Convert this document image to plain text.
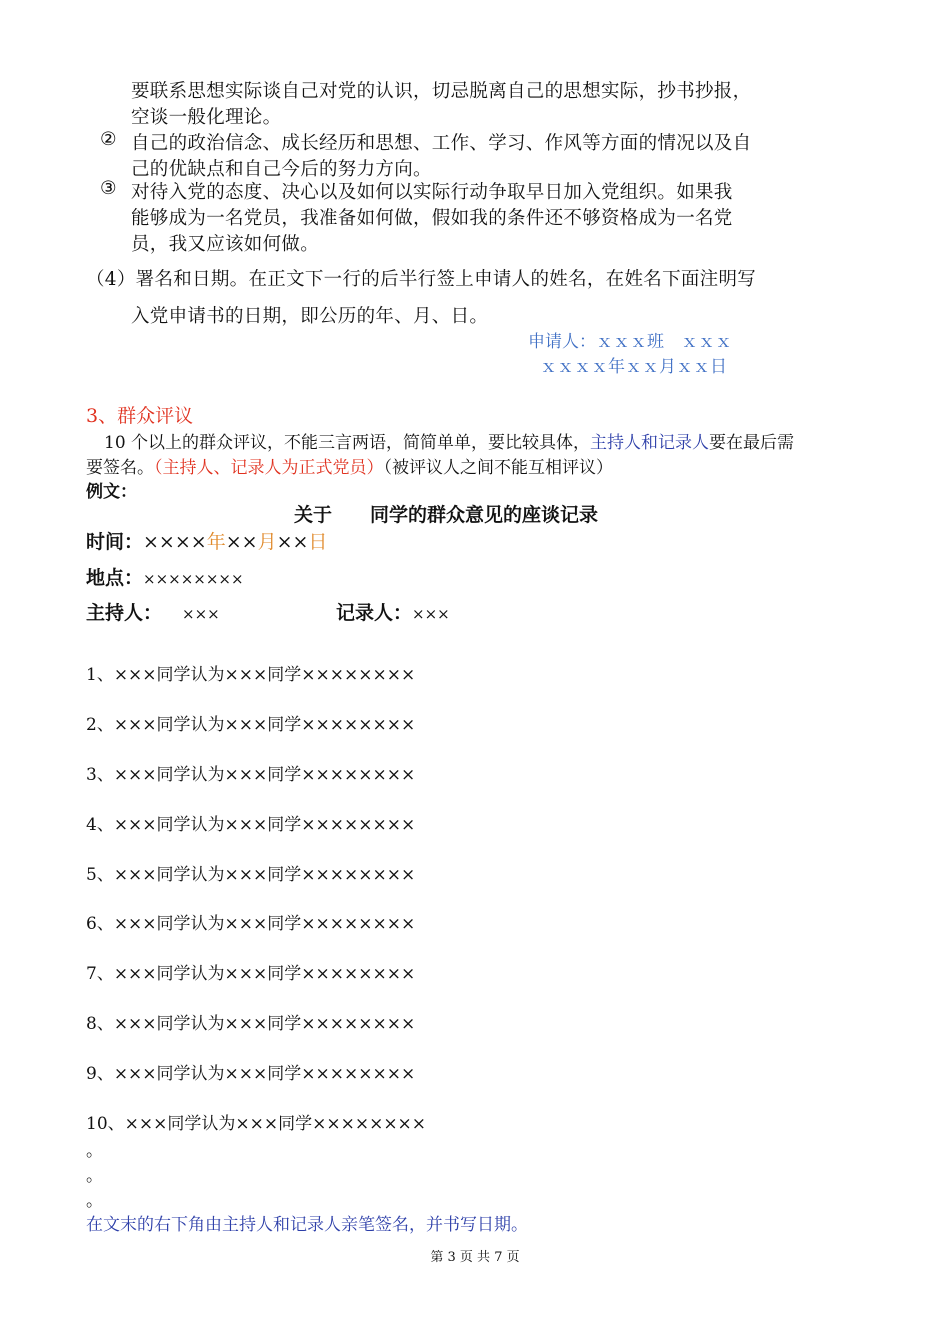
要联系思想实际谈自己对党的认识，切忌脱离自己的思想实际，抄书抄报，
空谈一般化理论。
② 自己的政治信念、成长经历和思想、工作、学习、作风等方面的情况以及自
己的优缺点和自己今后的努力方向。
③ 对待入党的态度、决心以及如何以实际行动争取早日加入党组织。如果我
能够成为一名党员，我准备如何做，假如我的条件还不够资格成为一名党
员，我又应该如何做。
（4）署名和日期。在正文下一行的后半行签上申请人的姓名，在姓名下面注明写
入党申请书的日期，即公历的年、月、日。
申请人：ｘｘｘ班　ｘｘｘ
ｘｘｘｘ年ｘｘ月ｘｘ日
3、群众评议
10 个以上的群众评议，不能三言两语，简简单单，要比较具体，主持人和记录人要在最后需
要签名。（主持人、记录人为正式党员）（被评议人之间不能互相评议）
例文：
关于　　同学的群众意见的座谈记录
时间：××××年××月××日
地点：××××××××
主持人： ×××	记录人：×××
1、×××同学认为×××同学××××××××
2、×××同学认为×××同学××××××××
3、×××同学认为×××同学××××××××
4、×××同学认为×××同学××××××××
5、×××同学认为×××同学××××××××
6、×××同学认为×××同学××××××××
7、×××同学认为×××同学××××××××
8、×××同学认为×××同学××××××××
9、×××同学认为×××同学××××××××
10、×××同学认为×××同学××××××××
。
。
。
在文末的右下角由主持人和记录人亲笔签名，并书写日期。
第 3 页 共 7 页
